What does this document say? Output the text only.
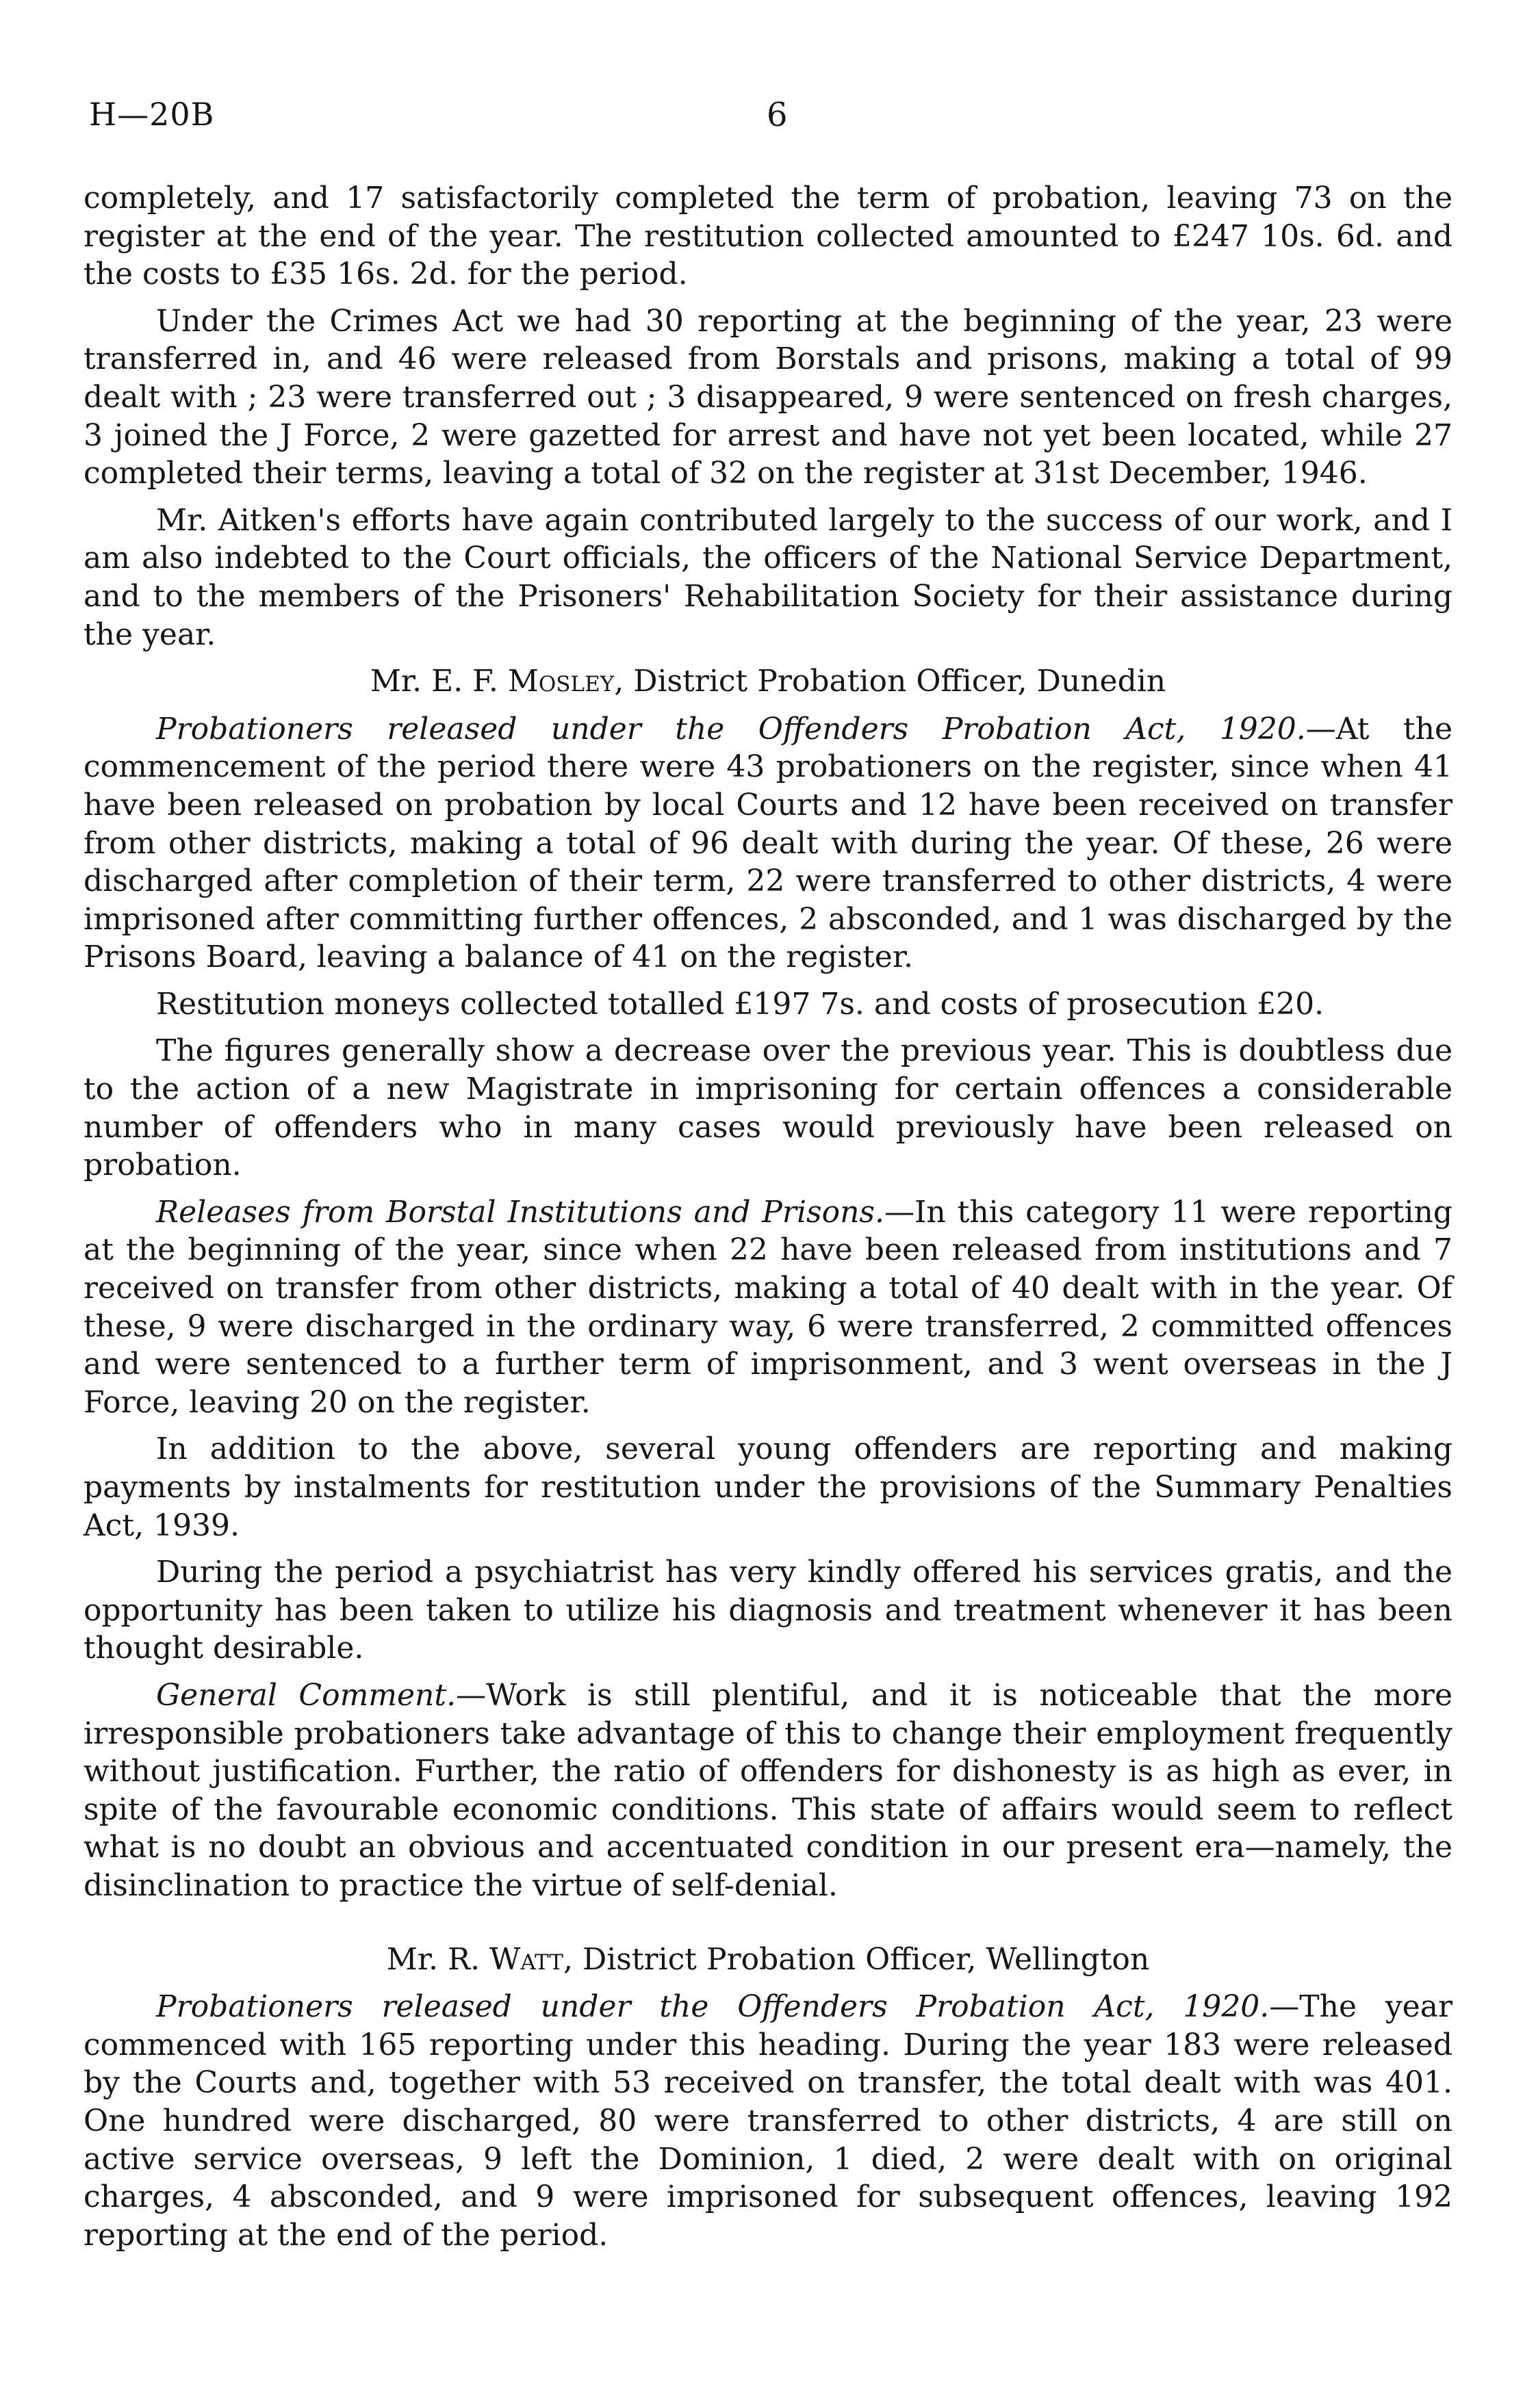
H—20B	6

completely, and 17 satisfactorily completed the term of probation, leaving 73 on the register at the end of the year. The restitution collected amounted to £247 10s. 6d. and the costs to £35 16s. 2d. for the period.

Under the Crimes Act we had 30 reporting at the beginning of the year, 23 were transferred in, and 46 were released from Borstals and prisons, making a total of 99 dealt with ; 23 were transferred out ; 3 disappeared, 9 were sentenced on fresh charges, 3 joined the J Force, 2 were gazetted for arrest and have not yet been located, while 27 completed their terms, leaving a total of 32 on the register at 31st December, 1946.

Mr. Aitken's efforts have again contributed largely to the success of our work, and I am also indebted to the Court officials, the officers of the National Service Department, and to the members of the Prisoners' Rehabilitation Society for their assistance during the year.

Mr. E. F. Mosley, District Probation Officer, Dunedin

Probationers released under the Offenders Probation Act, 1920.—At the commencement of the period there were 43 probationers on the register, since when 41 have been released on probation by local Courts and 12 have been received on transfer from other districts, making a total of 96 dealt with during the year. Of these, 26 were discharged after completion of their term, 22 were transferred to other districts, 4 were imprisoned after committing further offences, 2 absconded, and 1 was discharged by the Prisons Board, leaving a balance of 41 on the register.

Restitution moneys collected totalled £197 7s. and costs of prosecution £20.

The figures generally show a decrease over the previous year. This is doubtless due to the action of a new Magistrate in imprisoning for certain offences a considerable number of offenders who in many cases would previously have been released on probation.

Releases from Borstal Institutions and Prisons.—In this category 11 were reporting at the beginning of the year, since when 22 have been released from institutions and 7 received on transfer from other districts, making a total of 40 dealt with in the year. Of these, 9 were discharged in the ordinary way, 6 were transferred, 2 committed offences and were sentenced to a further term of imprisonment, and 3 went overseas in the J Force, leaving 20 on the register.

In addition to the above, several young offenders are reporting and making payments by instalments for restitution under the provisions of the Summary Penalties Act, 1939.

During the period a psychiatrist has very kindly offered his services gratis, and the opportunity has been taken to utilize his diagnosis and treatment whenever it has been thought desirable.

General Comment.—Work is still plentiful, and it is noticeable that the more irresponsible probationers take advantage of this to change their employment frequently without justification. Further, the ratio of offenders for dishonesty is as high as ever, in spite of the favourable economic conditions. This state of affairs would seem to reflect what is no doubt an obvious and accentuated condition in our present era—namely, the disinclination to practice the virtue of self-denial.

Mr. R. Watt, District Probation Officer, Wellington

Probationers released under the Offenders Probation Act, 1920.—The year commenced with 165 reporting under this heading. During the year 183 were released by the Courts and, together with 53 received on transfer, the total dealt with was 401. One hundred were discharged, 80 were transferred to other districts, 4 are still on active service overseas, 9 left the Dominion, 1 died, 2 were dealt with on original charges, 4 absconded, and 9 were imprisoned for subsequent offences, leaving 192 reporting at the end of the period.
